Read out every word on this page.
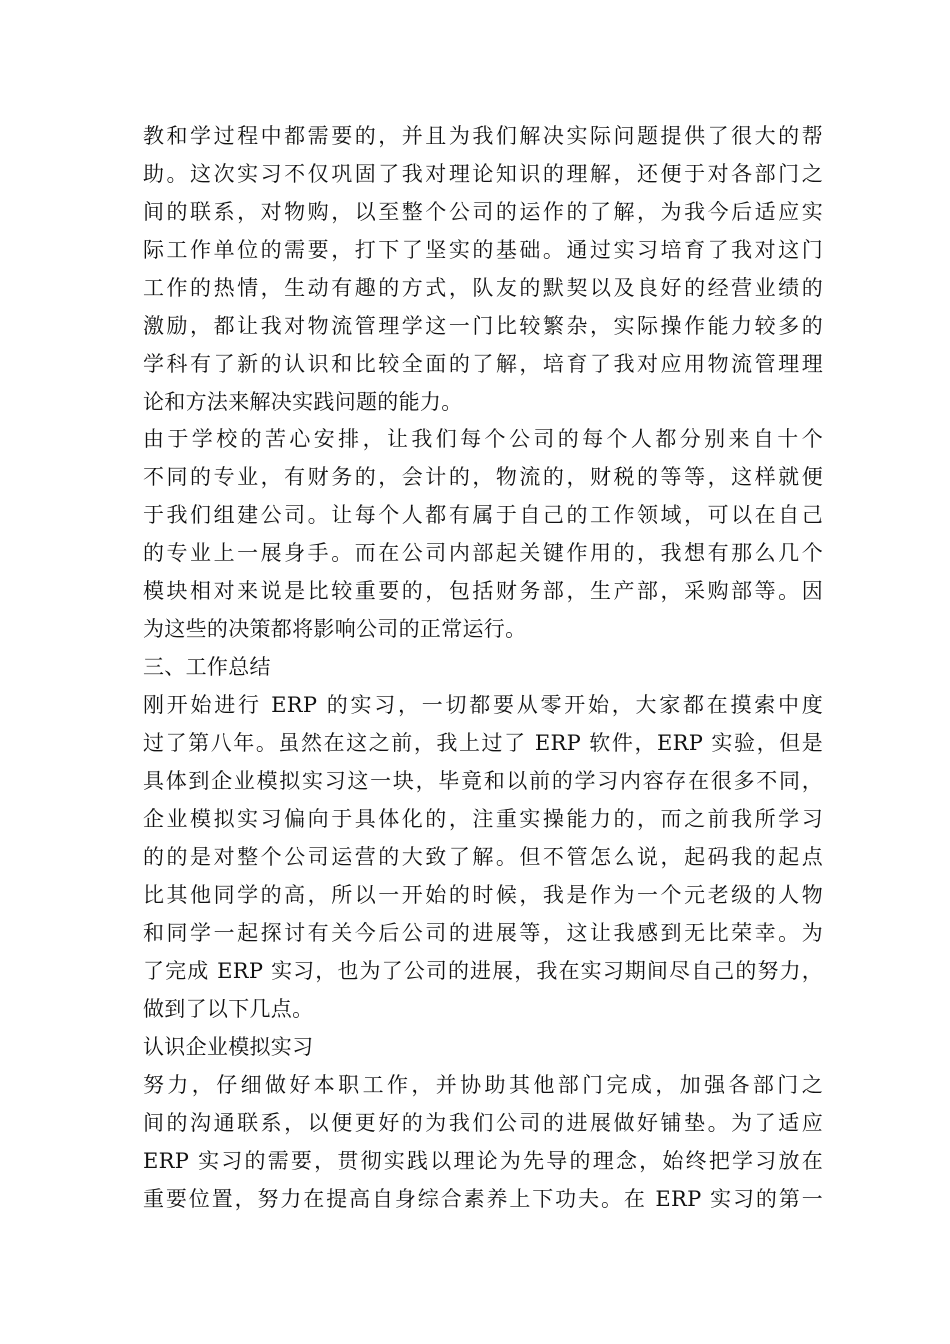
教和学过程中都需要的，并且为我们解决实际问题提供了很大的帮
助。这次实习不仅巩固了我对理论知识的理解，还便于对各部门之
间的联系，对物购，以至整个公司的运作的了解，为我今后适应实
际工作单位的需要，打下了坚实的基础。通过实习培育了我对这门
工作的热情，生动有趣的方式，队友的默契以及良好的经营业绩的
激励，都让我对物流管理学这一门比较繁杂，实际操作能力较多的
学科有了新的认识和比较全面的了解，培育了我对应用物流管理理
论和方法来解决实践问题的能力。
由于学校的苦心安排，让我们每个公司的每个人都分别来自十个
不同的专业，有财务的，会计的，物流的，财税的等等，这样就便
于我们组建公司。让每个人都有属于自己的工作领域，可以在自己
的专业上一展身手。而在公司内部起关键作用的，我想有那么几个
模块相对来说是比较重要的，包括财务部，生产部，采购部等。因
为这些的决策都将影响公司的正常运行。
三、工作总结
刚开始进行 ERP 的实习，一切都要从零开始，大家都在摸索中度
过了第八年。虽然在这之前，我上过了 ERP 软件，ERP 实验，但是
具体到企业模拟实习这一块，毕竟和以前的学习内容存在很多不同，
企业模拟实习偏向于具体化的，注重实操能力的，而之前我所学习
的的是对整个公司运营的大致了解。但不管怎么说，起码我的起点
比其他同学的高，所以一开始的时候，我是作为一个元老级的人物
和同学一起探讨有关今后公司的进展等，这让我感到无比荣幸。为
了完成 ERP 实习，也为了公司的进展，我在实习期间尽自己的努力，
做到了以下几点。
认识企业模拟实习
努力，仔细做好本职工作，并协助其他部门完成，加强各部门之
间的沟通联系，以便更好的为我们公司的进展做好铺垫。为了适应
ERP 实习的需要，贯彻实践以理论为先导的理念，始终把学习放在
重要位置，努力在提高自身综合素养上下功夫。在 ERP 实习的第一
